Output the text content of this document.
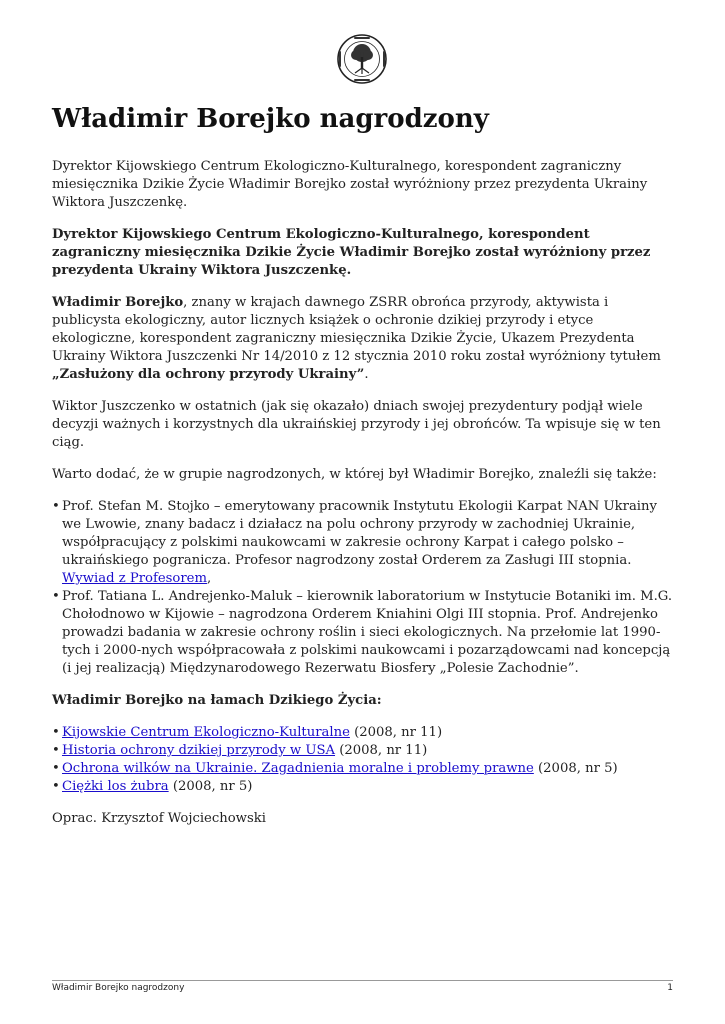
Władimir Borejko nagrodzony

Dyrektor Kijowskiego Centrum Ekologiczno-Kulturalnego, korespondent zagraniczny miesięcznika Dzikie Życie Władimir Borejko został wyróżniony przez prezydenta Ukrainy Wiktora Juszczenkę.

Dyrektor Kijowskiego Centrum Ekologiczno-Kulturalnego, korespondent zagraniczny miesięcznika Dzikie Życie Władimir Borejko został wyróżniony przez prezydenta Ukrainy Wiktora Juszczenkę.

Władimir Borejko, znany w krajach dawnego ZSRR obrońca przyrody, aktywista i publicysta ekologiczny, autor licznych książek o ochronie dzikiej przyrody i etyce ekologiczne, korespondent zagraniczny miesięcznika Dzikie Życie, Ukazem Prezydenta Ukrainy Wiktora Juszczenki Nr 14/2010 z 12 stycznia 2010 roku został wyróżniony tytułem „Zasłużony dla ochrony przyrody Ukrainy”.

Wiktor Juszczenko w ostatnich (jak się okazało) dniach swojej prezydentury podjął wiele decyzji ważnych i korzystnych dla ukraińskiej przyrody i jej obrońców. Ta wpisuje się w ten ciąg.

Warto dodać, że w grupie nagrodzonych, w której był Władimir Borejko, znaleźli się także:

• Prof. Stefan M. Stojko – emerytowany pracownik Instytutu Ekologii Karpat NAN Ukrainy we Lwowie, znany badacz i działacz na polu ochrony przyrody w zachodniej Ukrainie, współpracujący z polskimi naukowcami w zakresie ochrony Karpat i całego polsko – ukraińskiego pogranicza. Profesor nagrodzony został Orderem za Zasługi III stopnia. Wywiad z Profesorem,
• Prof. Tatiana L. Andrejenko-Maluk – kierownik laboratorium w Instytucie Botaniki im. M.G. Chołodnowo w Kijowie – nagrodzona Orderem Kniahini Olgi III stopnia. Prof. Andrejenko prowadzi badania w zakresie ochrony roślin i sieci ekologicznych. Na przełomie lat 1990-tych i 2000-nych współpracowała z polskimi naukowcami i pozarządowcami nad koncepcją (i jej realizacją) Międzynarodowego Rezerwatu Biosfery „Polesie Zachodnie”.

Władimir Borejko na łamach Dzikiego Życia:

• Kijowskie Centrum Ekologiczno-Kulturalne (2008, nr 11)
• Historia ochrony dzikiej przyrody w USA (2008, nr 11)
• Ochrona wilków na Ukrainie. Zagadnienia moralne i problemy prawne (2008, nr 5)
• Ciężki los żubra (2008, nr 5)

Oprac. Krzysztof Wojciechowski

Władimir Borejko nagrodzony	1
